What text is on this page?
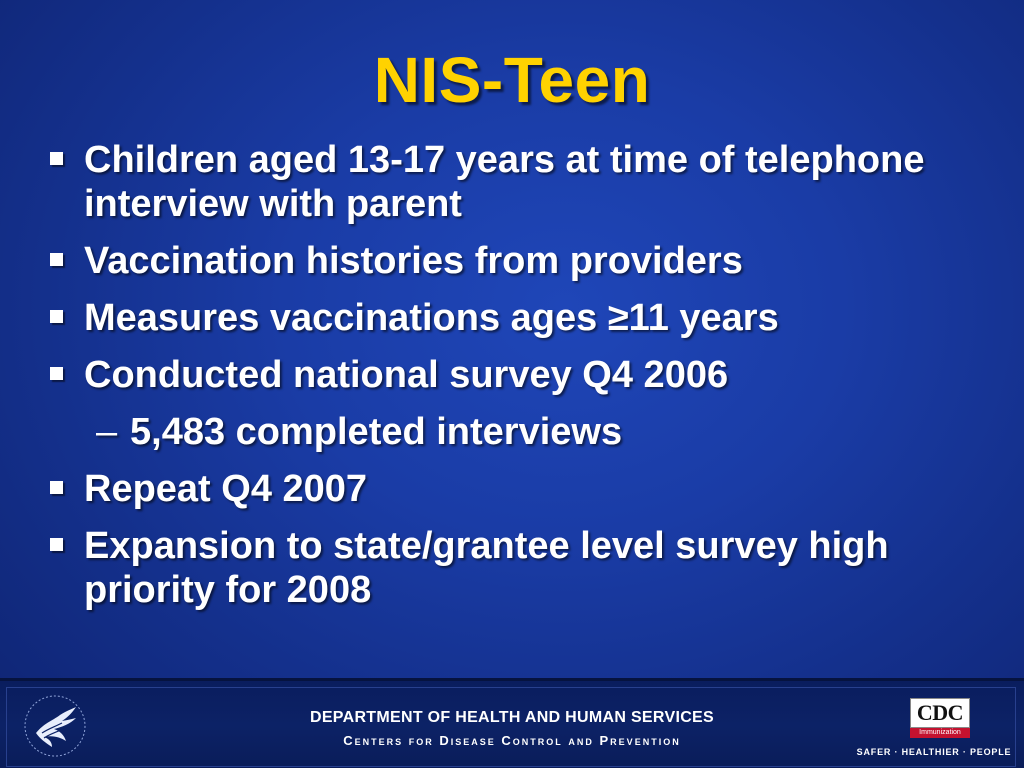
NIS-Teen
Children aged 13-17 years at time of telephone interview with parent
Vaccination histories from providers
Measures vaccinations ages ≥11 years
Conducted national survey Q4 2006
– 5,483 completed interviews
Repeat Q4 2007
Expansion to state/grantee level survey high priority for 2008
DEPARTMENT OF HEALTH AND HUMAN SERVICES
Centers for Disease Control and Prevention
CDC
Immunization
SAFER · HEALTHIER · PEOPLE
